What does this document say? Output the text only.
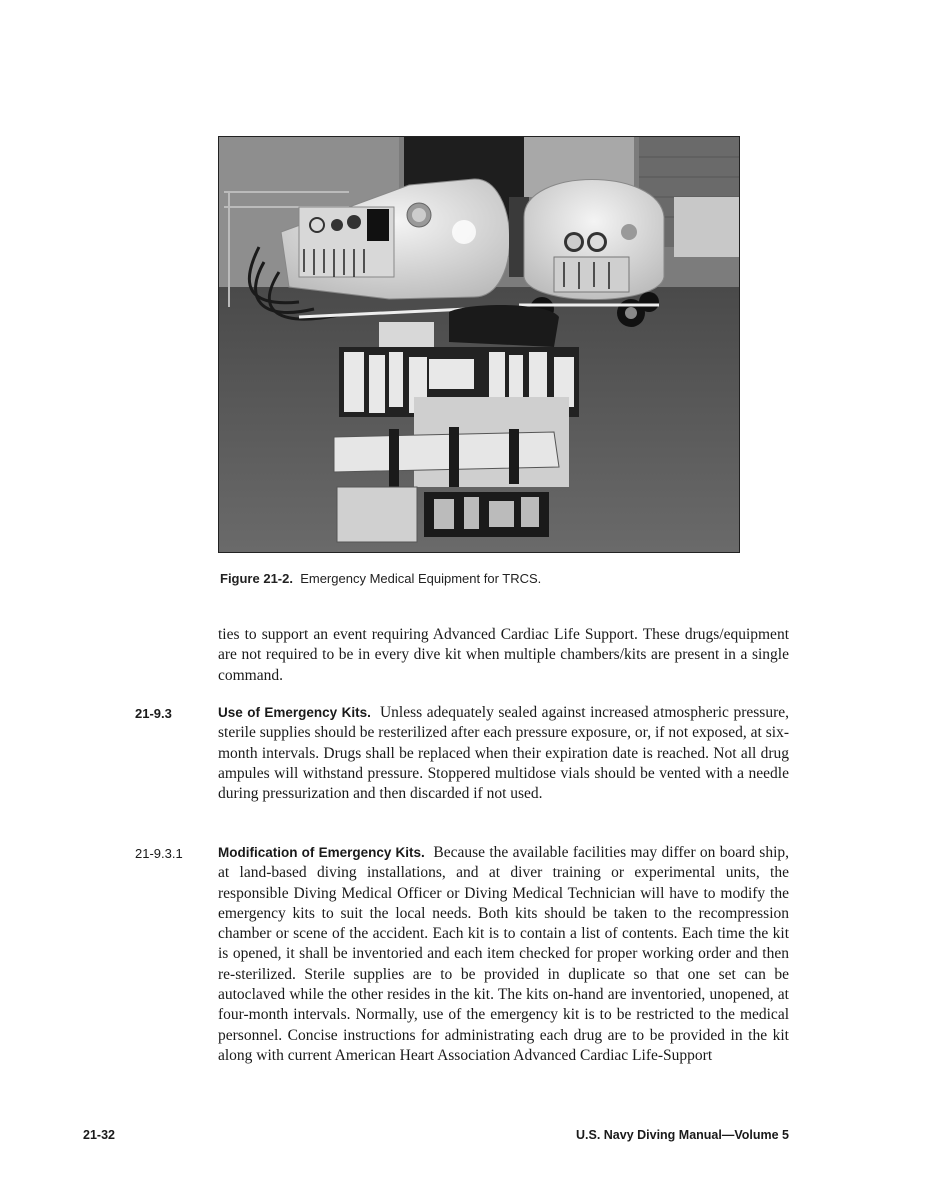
Figure 21-2. Emergency Medical Equipment for TRCS.

ties to support an event requiring Advanced Cardiac Life Support. These drugs/equipment are not required to be in every dive kit when multiple chambers/kits are present in a single command.

21-9.3	Use of Emergency Kits. Unless adequately sealed against increased atmospheric pressure, sterile supplies should be resterilized after each pressure exposure, or, if not exposed, at six-month intervals. Drugs shall be replaced when their expiration date is reached. Not all drug ampules will withstand pressure. Stoppered multidose vials should be vented with a needle during pressurization and then discarded if not used.

21-9.3.1	Modification of Emergency Kits. Because the available facilities may differ on board ship, at land-based diving installations, and at diver training or experimental units, the responsible Diving Medical Officer or Diving Medical Technician will have to modify the emergency kits to suit the local needs. Both kits should be taken to the recompression chamber or scene of the accident. Each kit is to contain a list of contents. Each time the kit is opened, it shall be inventoried and each item checked for proper working order and then re-sterilized. Sterile supplies are to be provided in duplicate so that one set can be autoclaved while the other resides in the kit. The kits on-hand are inventoried, unopened, at four-month intervals. Normally, use of the emergency kit is to be restricted to the medical personnel. Concise instructions for administrating each drug are to be provided in the kit along with current American Heart Association Advanced Cardiac Life-Support

21-32	U.S. Navy Diving Manual—Volume 5
